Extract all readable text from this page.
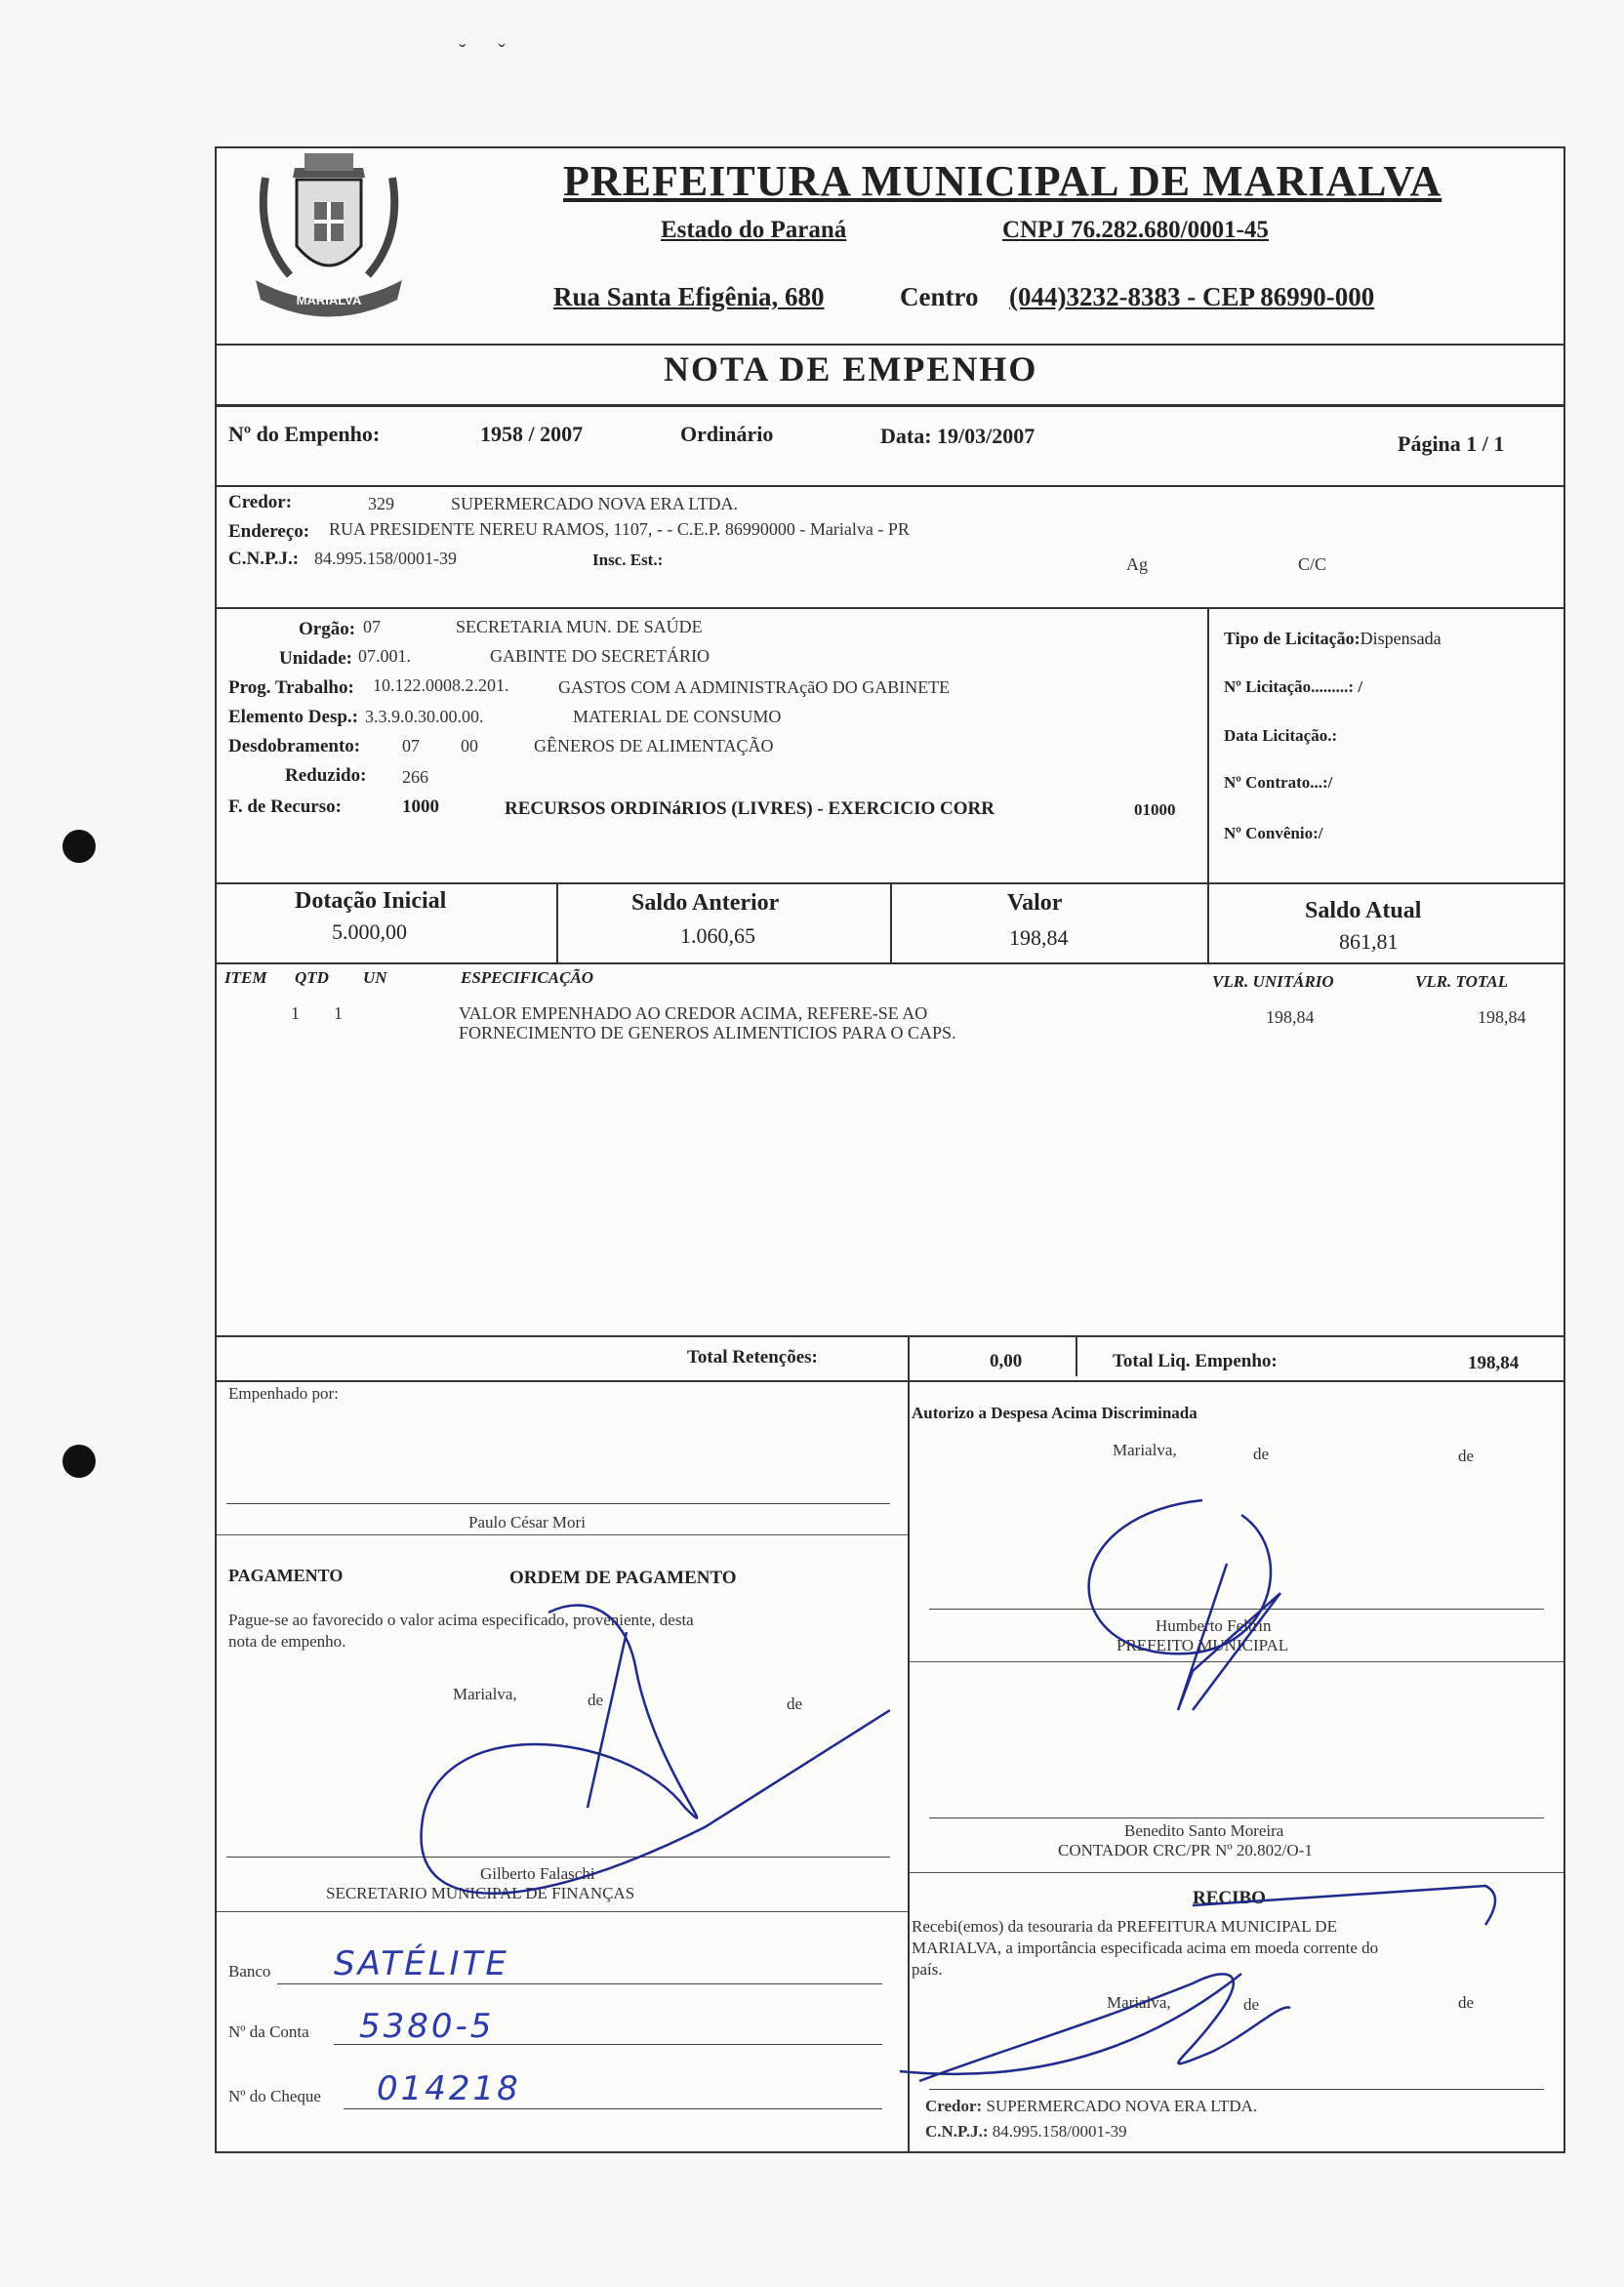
˘      ˇ
MARIALVA
PREFEITURA MUNICIPAL DE MARIALVA
Estado do Paraná	CNPJ 76.282.680/0001-45
Rua Santa Efigênia, 680	Centro (044)3232-8383 - CEP 86990-000
NOTA DE EMPENHO
Nº do Empenho:	1958 / 2007	Ordinário	Data: 19/03/2007	Página 1 / 1
Credor:	329	SUPERMERCADO NOVA ERA LTDA.
Endereço: RUA PRESIDENTE NEREU RAMOS, 1107, - - C.E.P. 86990000 - Marialva - PR
C.N.P.J.: 84.995.158/0001-39	Insc. Est.:	Ag	C/C
Orgão: 07	SECRETARIA MUN. DE SAÚDE
Unidade: 07.001.	GABINTE DO SECRETÁRIO
Prog. Trabalho: 10.122.0008.2.201.	GASTOS COM A ADMINISTRAçãO DO GABINETE
Elemento Desp.: 3.3.9.0.30.00.00.	MATERIAL DE CONSUMO
Desdobramento: 07 00	GÊNEROS DE ALIMENTAÇÃO
Reduzido: 266
F. de Recurso:	1000	RECURSOS ORDINáRIOS (LIVRES) - EXERCICIO CORR	01000
Tipo de Licitação:Dispensada
Nº Licitação.........: /
Data Licitação.:
Nº Contrato...:/
Nº Convênio:/
Dotação Inicial
5.000,00
Saldo Anterior
1.060,65
Valor
198,84
Saldo Atual
861,81
ITEM QTD UN	ESPECIFICAÇÃO	VLR. UNITÁRIO	VLR. TOTAL
1 1	VALOR EMPENHADO AO CREDOR ACIMA, REFERE-SE AO
FORNECIMENTO DE GENEROS ALIMENTICIOS PARA O CAPS.
198,84	198,84
Total Retenções:	0,00	Total Liq. Empenho:	198,84
Empenhado por:
Paulo César Mori
Autorizo a Despesa Acima Discriminada
Marialva,	de	de
PAGAMENTO	ORDEM DE PAGAMENTO
Pague-se ao favorecido o valor acima especificado, proveniente, desta
nota de empenho.
Marialva,	de	de
Humberto Feltrin
PREFEITO MUNICIPAL
Benedito Santo Moreira
CONTADOR CRC/PR Nº 20.802/O-1
Gilberto Falaschi
SECRETARIO MUNICIPAL DE FINANÇAS
Banco SATÉLITE
Nº da Conta 5380-5
Nº do Cheque 014218
RECIBO
Recebi(emos) da tesouraria da PREFEITURA MUNICIPAL DE
MARIALVA, a importância especificada acima em moeda corrente do
país.
Marialva,	de	de
Credor: SUPERMERCADO NOVA ERA LTDA.
C.N.P.J.: 84.995.158/0001-39
